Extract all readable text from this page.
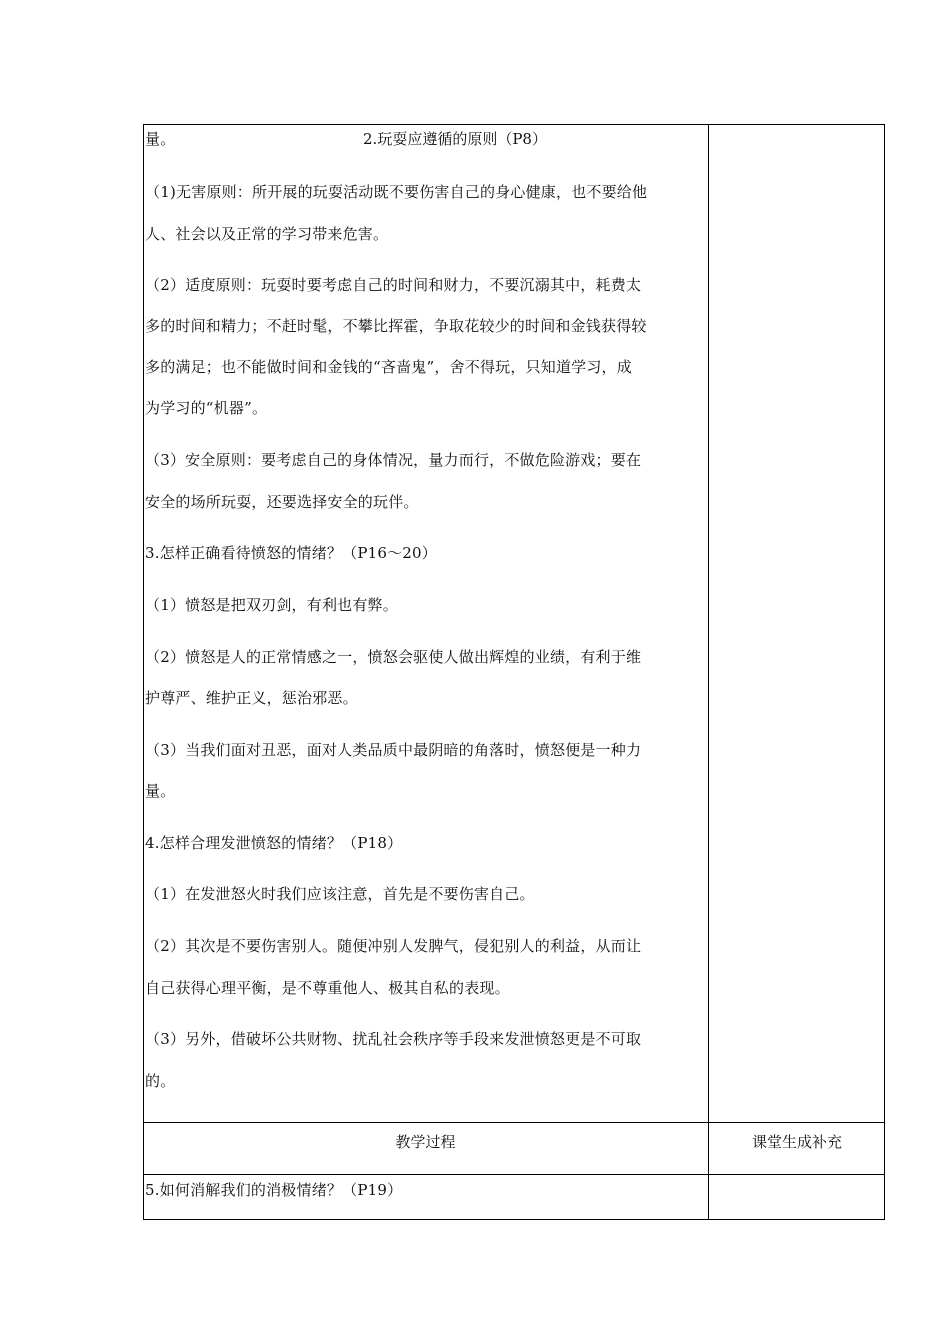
量。	2.玩耍应遵循的原则（P8）
（1)无害原则：所开展的玩耍活动既不要伤害自己的身心健康，也不要给他
人、社会以及正常的学习带来危害。
（2）适度原则：玩耍时要考虑自己的时间和财力，不要沉溺其中，耗费太
多的时间和精力；不赶时髦，不攀比挥霍，争取花较少的时间和金钱获得较
多的满足；也不能做时间和金钱的“吝啬鬼”，舍不得玩，只知道学习，成
为学习的“机器”。
（3）安全原则：要考虑自己的身体情况，量力而行，不做危险游戏；要在
安全的场所玩耍，还要选择安全的玩伴。
3.怎样正确看待愤怒的情绪？（P16～20）
（1）愤怒是把双刃剑，有利也有弊。
（2）愤怒是人的正常情感之一，愤怒会驱使人做出辉煌的业绩，有利于维
护尊严、维护正义，惩治邪恶。
（3）当我们面对丑恶，面对人类品质中最阴暗的角落时，愤怒便是一种力
量。
4.怎样合理发泄愤怒的情绪？（P18）
（1）在发泄怒火时我们应该注意，首先是不要伤害自己。
（2）其次是不要伤害别人。随便冲别人发脾气，侵犯别人的利益，从而让
自己获得心理平衡，是不尊重他人、极其自私的表现。
（3）另外，借破坏公共财物、扰乱社会秩序等手段来发泄愤怒更是不可取
的。
教学过程	课堂生成补充
5.如何消解我们的消极情绪？（P19）
